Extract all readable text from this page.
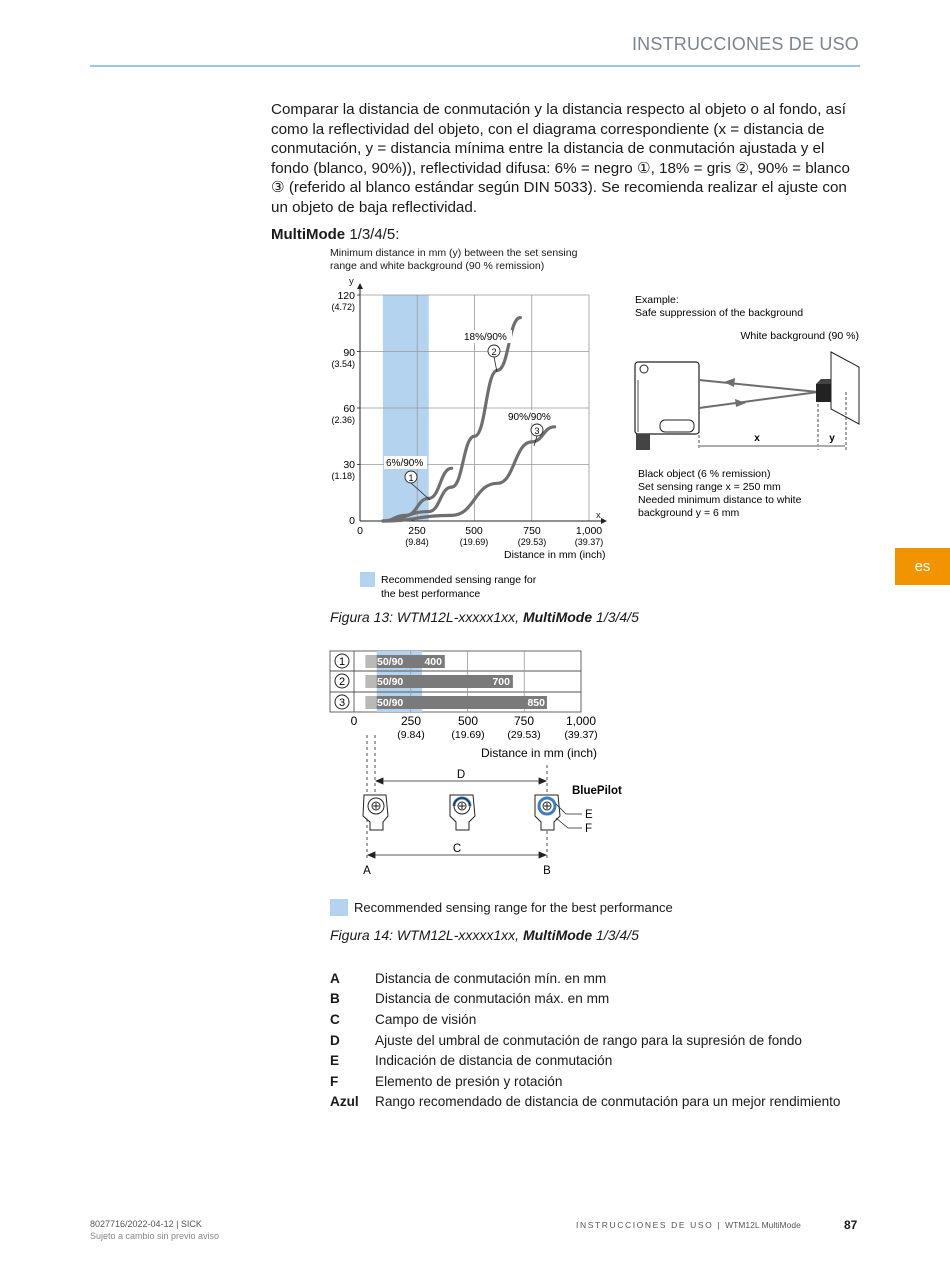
INSTRUCCIONES DE USO

Comparar la distancia de conmutación y la distancia respecto al objeto o al fondo, así como la reflectividad del objeto, con el diagrama correspondiente (x = distancia de conmutación, y = distancia mínima entre la distancia de conmutación ajustada y el fondo (blanco, 90%)), reflectividad difusa: 6% = negro ①, 18% = gris ②, 90% = blanco ③ (referido al blanco estándar según DIN 5033). Se recomienda realizar el ajuste con un objeto de baja reflectividad.

MultiMode 1/3/4/5:
es
Minimum distance in mm (y) between the set sensing
range and white background (90 % remission)
y
x
120
(4.72)
90
(3.54)
60
(2.36)
30
(1.18)
0
0	250
(9.84)
500
(19.69)
750
(29.53)
1,000
(39.37)
Distance in mm (inch)
6%/90%
1
18%/90%
2
90%/90%
3
Recommended sensing range for
the best performance
Example:
Safe suppression of the background
White background (90 %)
x	y
Black object (6 % remission)
Set sensing range x = 250 mm
Needed minimum distance to white
background y = 6 mm
Figura 13: WTM12L-xxxxx1xx, MultiMode 1/3/4/5
1
2
3
50/90 400
50/90	700
50/90	850
0	250
(9.84)
500
(19.69)
750
(29.53)
1,000
(39.37)
Distance in mm (inch)
D
C
A	B
BluePilot
E
F
Recommended sensing range for the best performance
Figura 14: WTM12L-xxxxx1xx, MultiMode 1/3/4/5
A	Distancia de conmutación mín. en mm
B	Distancia de conmutación máx. en mm
C	Campo de visión
D	Ajuste del umbral de conmutación de rango para la supresión de fondo
E	Indicación de distancia de conmutación
F	Elemento de presión y rotación
Azul	Rango recomendado de distancia de conmutación para un mejor rendimiento
8027716/2022-04-12 | SICK
Sujeto a cambio sin previo aviso
INSTRUCCIONES DE USO | WTM12L MultiMode	87
